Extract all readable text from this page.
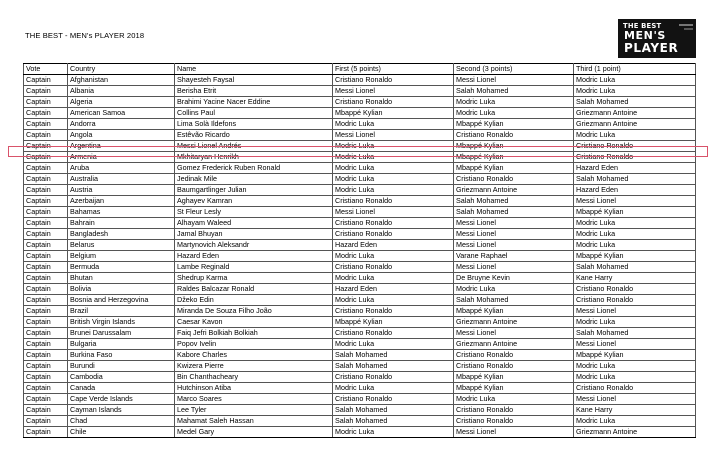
THE BEST - MEN's PLAYER 2018
THE BEST
MEN'S
PLAYER
Vote	Country	Name	First (5 points)	Second (3 points)	Third (1 point)
Captain	Afghanistan	Shayesteh Faysal	Cristiano Ronaldo	Messi Lionel	Modric Luka
Captain	Albania	Berisha Etrit	Messi Lionel	Salah Mohamed	Modric Luka
Captain	Algeria	Brahimi Yacine Nacer Eddine	Cristiano Ronaldo	Modric Luka	Salah Mohamed
Captain	American Samoa	Collins Paul	Mbappé Kylian	Modric Luka	Griezmann Antoine
Captain	Andorra	Lima Solà Ildefons	Modric Luka	Mbappé Kylian	Griezmann Antoine
Captain	Angola	Estêvão Ricardo	Messi Lionel	Cristiano Ronaldo	Modric Luka
Captain	Argentina	Messi Lionel Andrés	Modric Luka	Mbappé Kylian	Cristiano Ronaldo
Captain	Armenia	Mkhitaryan Henrikh	Modric Luka	Mbappé Kylian	Cristiano Ronaldo
Captain	Aruba	Gomez Frederick Ruben Ronald	Modric Luka	Mbappé Kylian	Hazard Eden
Captain	Australia	Jedinak Mile	Modric Luka	Cristiano Ronaldo	Salah Mohamed
Captain	Austria	Baumgartlinger Julian	Modric Luka	Griezmann Antoine	Hazard Eden
Captain	Azerbaijan	Aghayev Kamran	Cristiano Ronaldo	Salah Mohamed	Messi Lionel
Captain	Bahamas	St Fleur Lesly	Messi Lionel	Salah Mohamed	Mbappé Kylian
Captain	Bahrain	Alhayam Waleed	Cristiano Ronaldo	Messi Lionel	Modric Luka
Captain	Bangladesh	Jamal Bhuyan	Cristiano Ronaldo	Messi Lionel	Modric Luka
Captain	Belarus	Martynovich Aleksandr	Hazard Eden	Messi Lionel	Modric Luka
Captain	Belgium	Hazard Eden	Modric Luka	Varane Raphael	Mbappé Kylian
Captain	Bermuda	Lambe Reginald	Cristiano Ronaldo	Messi Lionel	Salah Mohamed
Captain	Bhutan	Shedrup Karma	Modric Luka	De Bruyne Kevin	Kane Harry
Captain	Bolivia	Raldes Balcazar Ronald	Hazard Eden	Modric Luka	Cristiano Ronaldo
Captain	Bosnia and Herzegovina	Džeko Edin	Modric Luka	Salah Mohamed	Cristiano Ronaldo
Captain	Brazil	Miranda De Souza Filho João	Cristiano Ronaldo	Mbappé Kylian	Messi Lionel
Captain	British Virgin Islands	Caesar Kavon	Mbappé Kylian	Griezmann Antoine	Modric Luka
Captain	Brunei Darussalam	Faiq Jefri Bolkiah Bolkiah	Cristiano Ronaldo	Messi Lionel	Salah Mohamed
Captain	Bulgaria	Popov Ivelin	Modric Luka	Griezmann Antoine	Messi Lionel
Captain	Burkina Faso	Kabore Charles	Salah Mohamed	Cristiano Ronaldo	Mbappé Kylian
Captain	Burundi	Kwizera Pierre	Salah Mohamed	Cristiano Ronaldo	Modric Luka
Captain	Cambodia	Bin Chanthacheary	Cristiano Ronaldo	Mbappé Kylian	Modric Luka
Captain	Canada	Hutchinson Atiba	Modric Luka	Mbappé Kylian	Cristiano Ronaldo
Captain	Cape Verde Islands	Marco Soares	Cristiano Ronaldo	Modric Luka	Messi Lionel
Captain	Cayman Islands	Lee Tyler	Salah Mohamed	Cristiano Ronaldo	Kane Harry
Captain	Chad	Mahamat Saleh Hassan	Salah Mohamed	Cristiano Ronaldo	Modric Luka
Captain	Chile	Medel Gary	Modric Luka	Messi Lionel	Griezmann Antoine
